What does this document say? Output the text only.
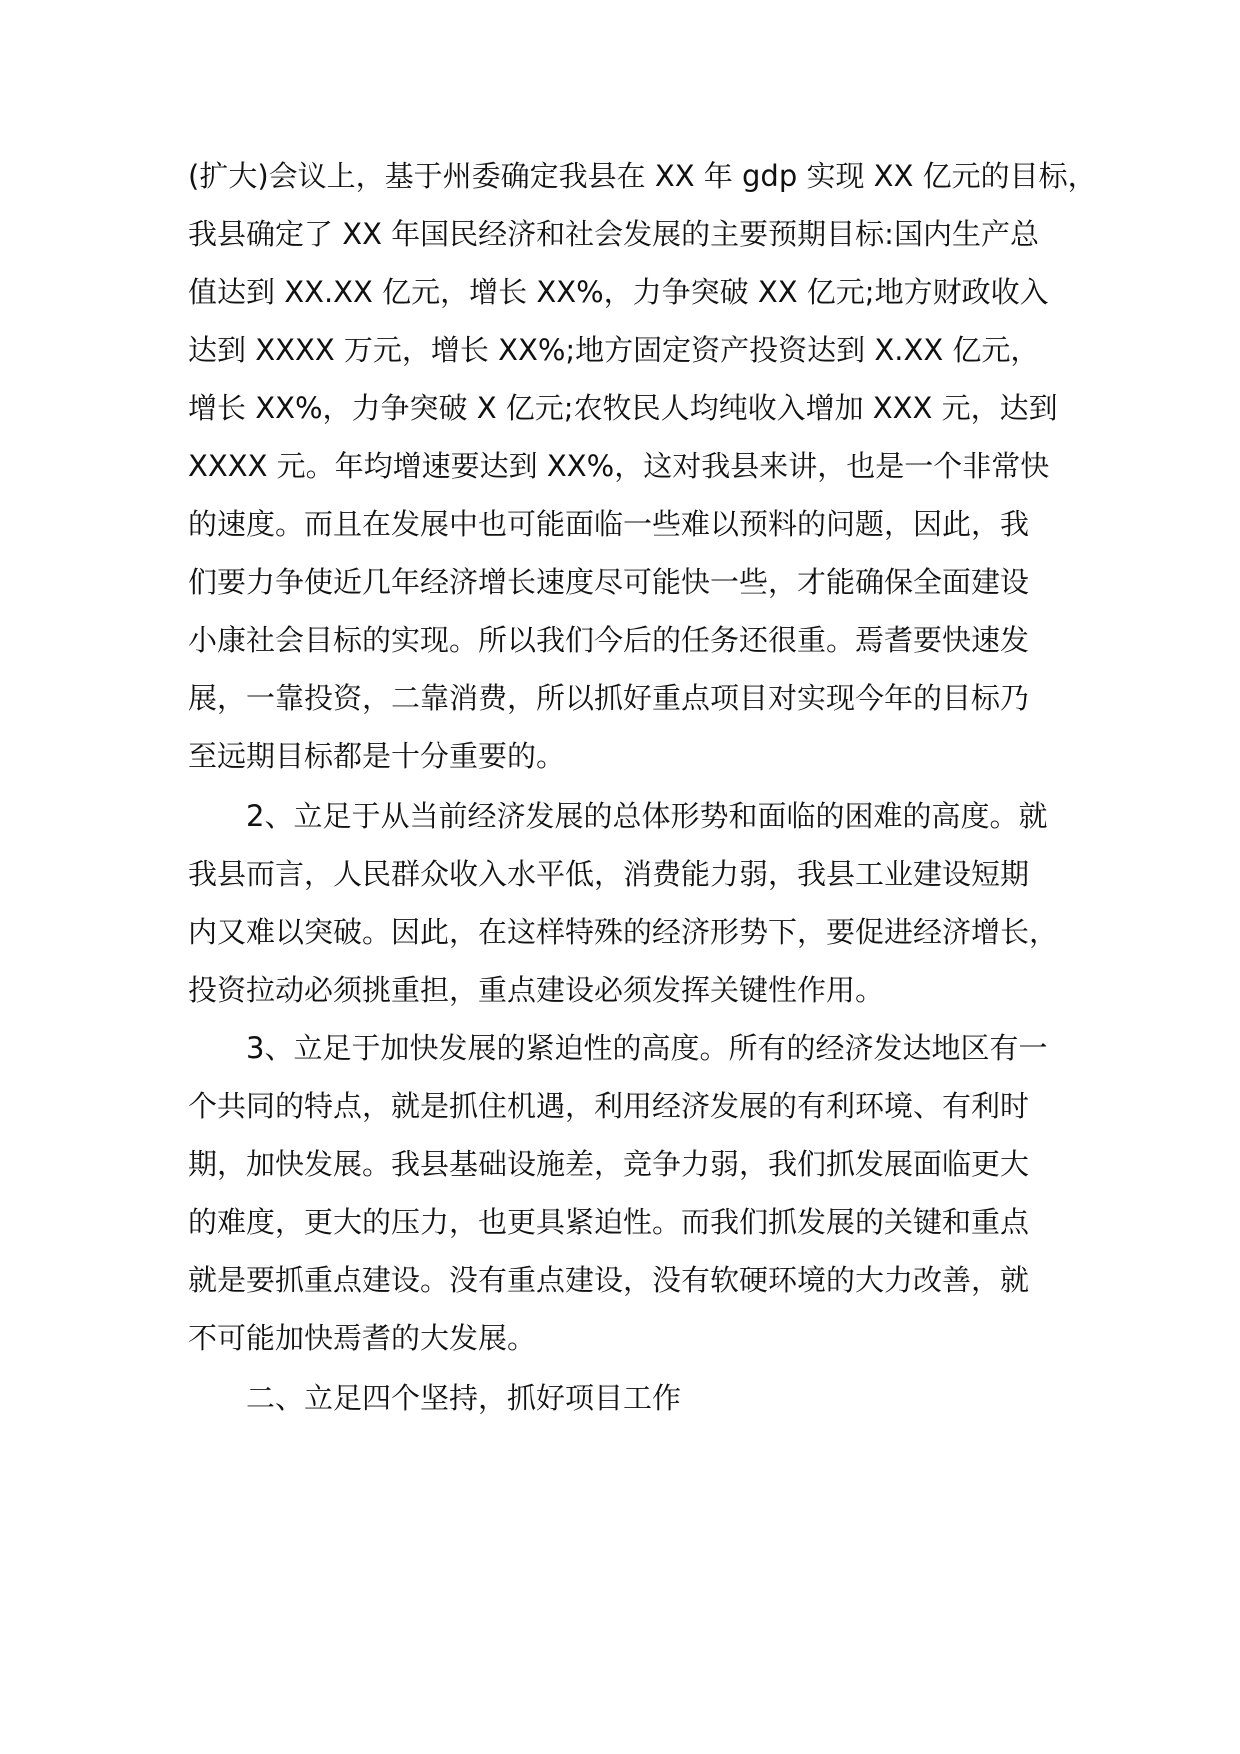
(扩大)会议上，基于州委确定我县在 XX 年 gdp 实现 XX 亿元的目标，
我县确定了 XX 年国民经济和社会发展的主要预期目标:国内生产总
值达到 XX.XX 亿元，增长 XX%，力争突破 XX 亿元;地方财政收入
达到 XXXX 万元，增长 XX%;地方固定资产投资达到 X.XX 亿元，
增长 XX%，力争突破 X 亿元;农牧民人均纯收入增加 XXX 元，达到
XXXX 元。年均增速要达到 XX%，这对我县来讲，也是一个非常快
的速度。而且在发展中也可能面临一些难以预料的问题，因此，我
们要力争使近几年经济增长速度尽可能快一些，才能确保全面建设
小康社会目标的实现。所以我们今后的任务还很重。焉耆要快速发
展，一靠投资，二靠消费，所以抓好重点项目对实现今年的目标乃
至远期目标都是十分重要的。
2、立足于从当前经济发展的总体形势和面临的困难的高度。就
我县而言，人民群众收入水平低，消费能力弱，我县工业建设短期
内又难以突破。因此，在这样特殊的经济形势下，要促进经济增长，
投资拉动必须挑重担，重点建设必须发挥关键性作用。
3、立足于加快发展的紧迫性的高度。所有的经济发达地区有一
个共同的特点，就是抓住机遇，利用经济发展的有利环境、有利时
期，加快发展。我县基础设施差，竞争力弱，我们抓发展面临更大
的难度，更大的压力，也更具紧迫性。而我们抓发展的关键和重点
就是要抓重点建设。没有重点建设，没有软硬环境的大力改善，就
不可能加快焉耆的大发展。
二、立足四个坚持，抓好项目工作
